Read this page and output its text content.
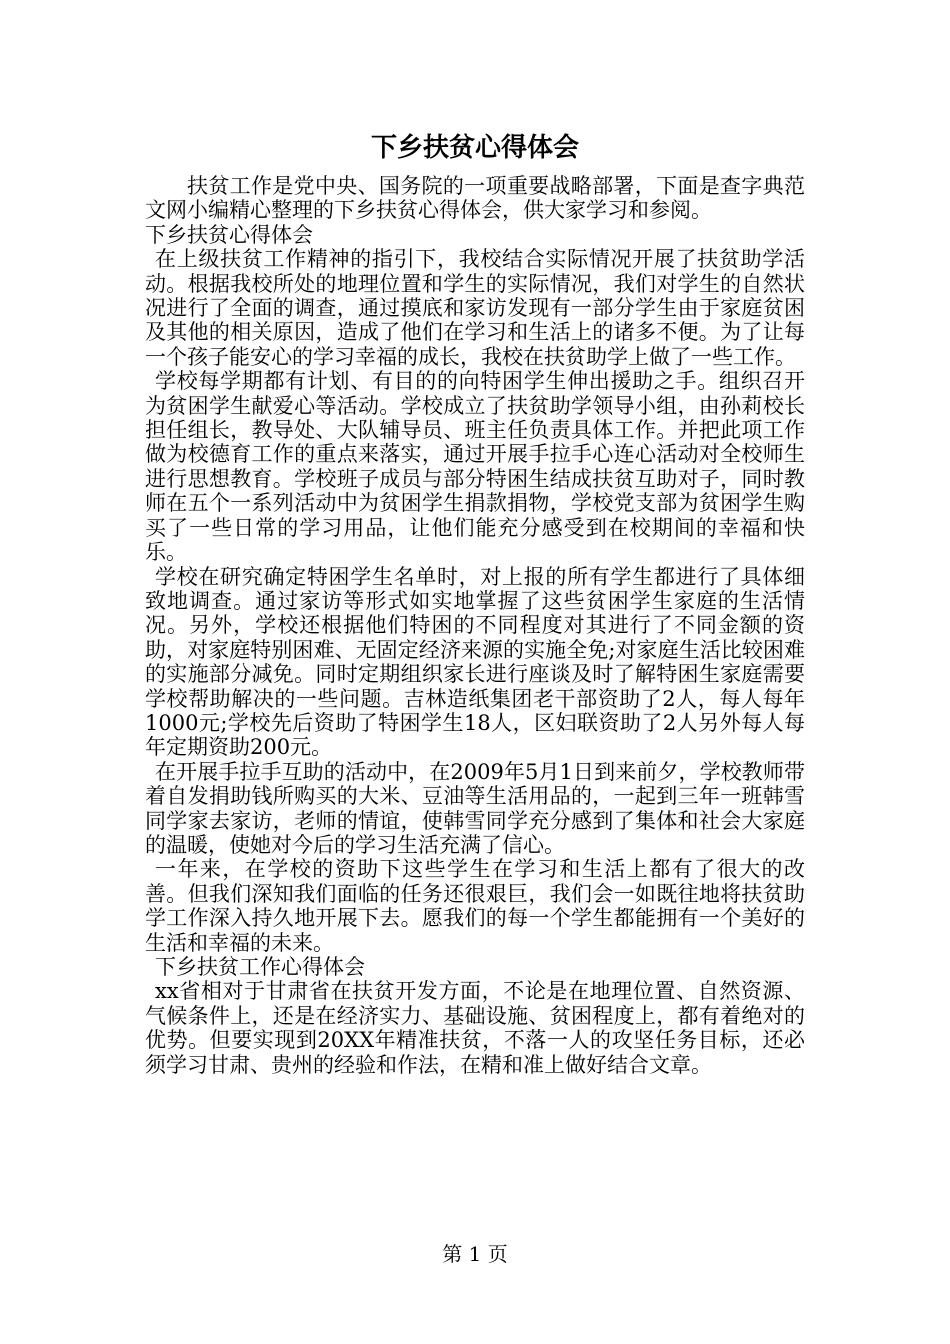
下乡扶贫心得体会

扶贫工作是党中央、国务院的一项重要战略部署，下面是查字典范文网小编精心整理的下乡扶贫心得体会，供大家学习和参阅。

下乡扶贫心得体会

在上级扶贫工作精神的指引下，我校结合实际情况开展了扶贫助学活动。根据我校所处的地理位置和学生的实际情况，我们对学生的自然状况进行了全面的调查，通过摸底和家访发现有一部分学生由于家庭贫困及其他的相关原因，造成了他们在学习和生活上的诸多不便。为了让每一个孩子能安心的学习幸福的成长，我校在扶贫助学上做了一些工作。

学校每学期都有计划、有目的的向特困学生伸出援助之手。组织召开为贫困学生献爱心等活动。学校成立了扶贫助学领导小组，由孙莉校长担任组长，教导处、大队辅导员、班主任负责具体工作。并把此项工作做为校德育工作的重点来落实，通过开展手拉手心连心活动对全校师生进行思想教育。学校班子成员与部分特困生结成扶贫互助对子，同时教师在五个一系列活动中为贫困学生捐款捐物，学校党支部为贫困学生购买了一些日常的学习用品，让他们能充分感受到在校期间的幸福和快乐。

学校在研究确定特困学生名单时，对上报的所有学生都进行了具体细致地调查。通过家访等形式如实地掌握了这些贫困学生家庭的生活情况。另外，学校还根据他们特困的不同程度对其进行了不同金额的资助，对家庭特别困难、无固定经济来源的实施全免;对家庭生活比较困难的实施部分减免。同时定期组织家长进行座谈及时了解特困生家庭需要学校帮助解决的一些问题。吉林造纸集团老干部资助了2人，每人每年1000元;学校先后资助了特困学生18人，区妇联资助了2人另外每人每年定期资助200元。

在开展手拉手互助的活动中，在2009年5月1日到来前夕，学校教师带着自发捐助钱所购买的大米、豆油等生活用品的，一起到三年一班韩雪同学家去家访，老师的情谊，使韩雪同学充分感到了集体和社会大家庭的温暖，使她对今后的学习生活充满了信心。

一年来，在学校的资助下这些学生在学习和生活上都有了很大的改善。但我们深知我们面临的任务还很艰巨，我们会一如既往地将扶贫助学工作深入持久地开展下去。愿我们的每一个学生都能拥有一个美好的生活和幸福的未来。

下乡扶贫工作心得体会

xx省相对于甘肃省在扶贫开发方面，不论是在地理位置、自然资源、气候条件上，还是在经济实力、基础设施、贫困程度上，都有着绝对的优势。但要实现到20XX年精准扶贫，不落一人的攻坚任务目标，还必须学习甘肃、贵州的经验和作法，在精和准上做好结合文章。

第 1 页
